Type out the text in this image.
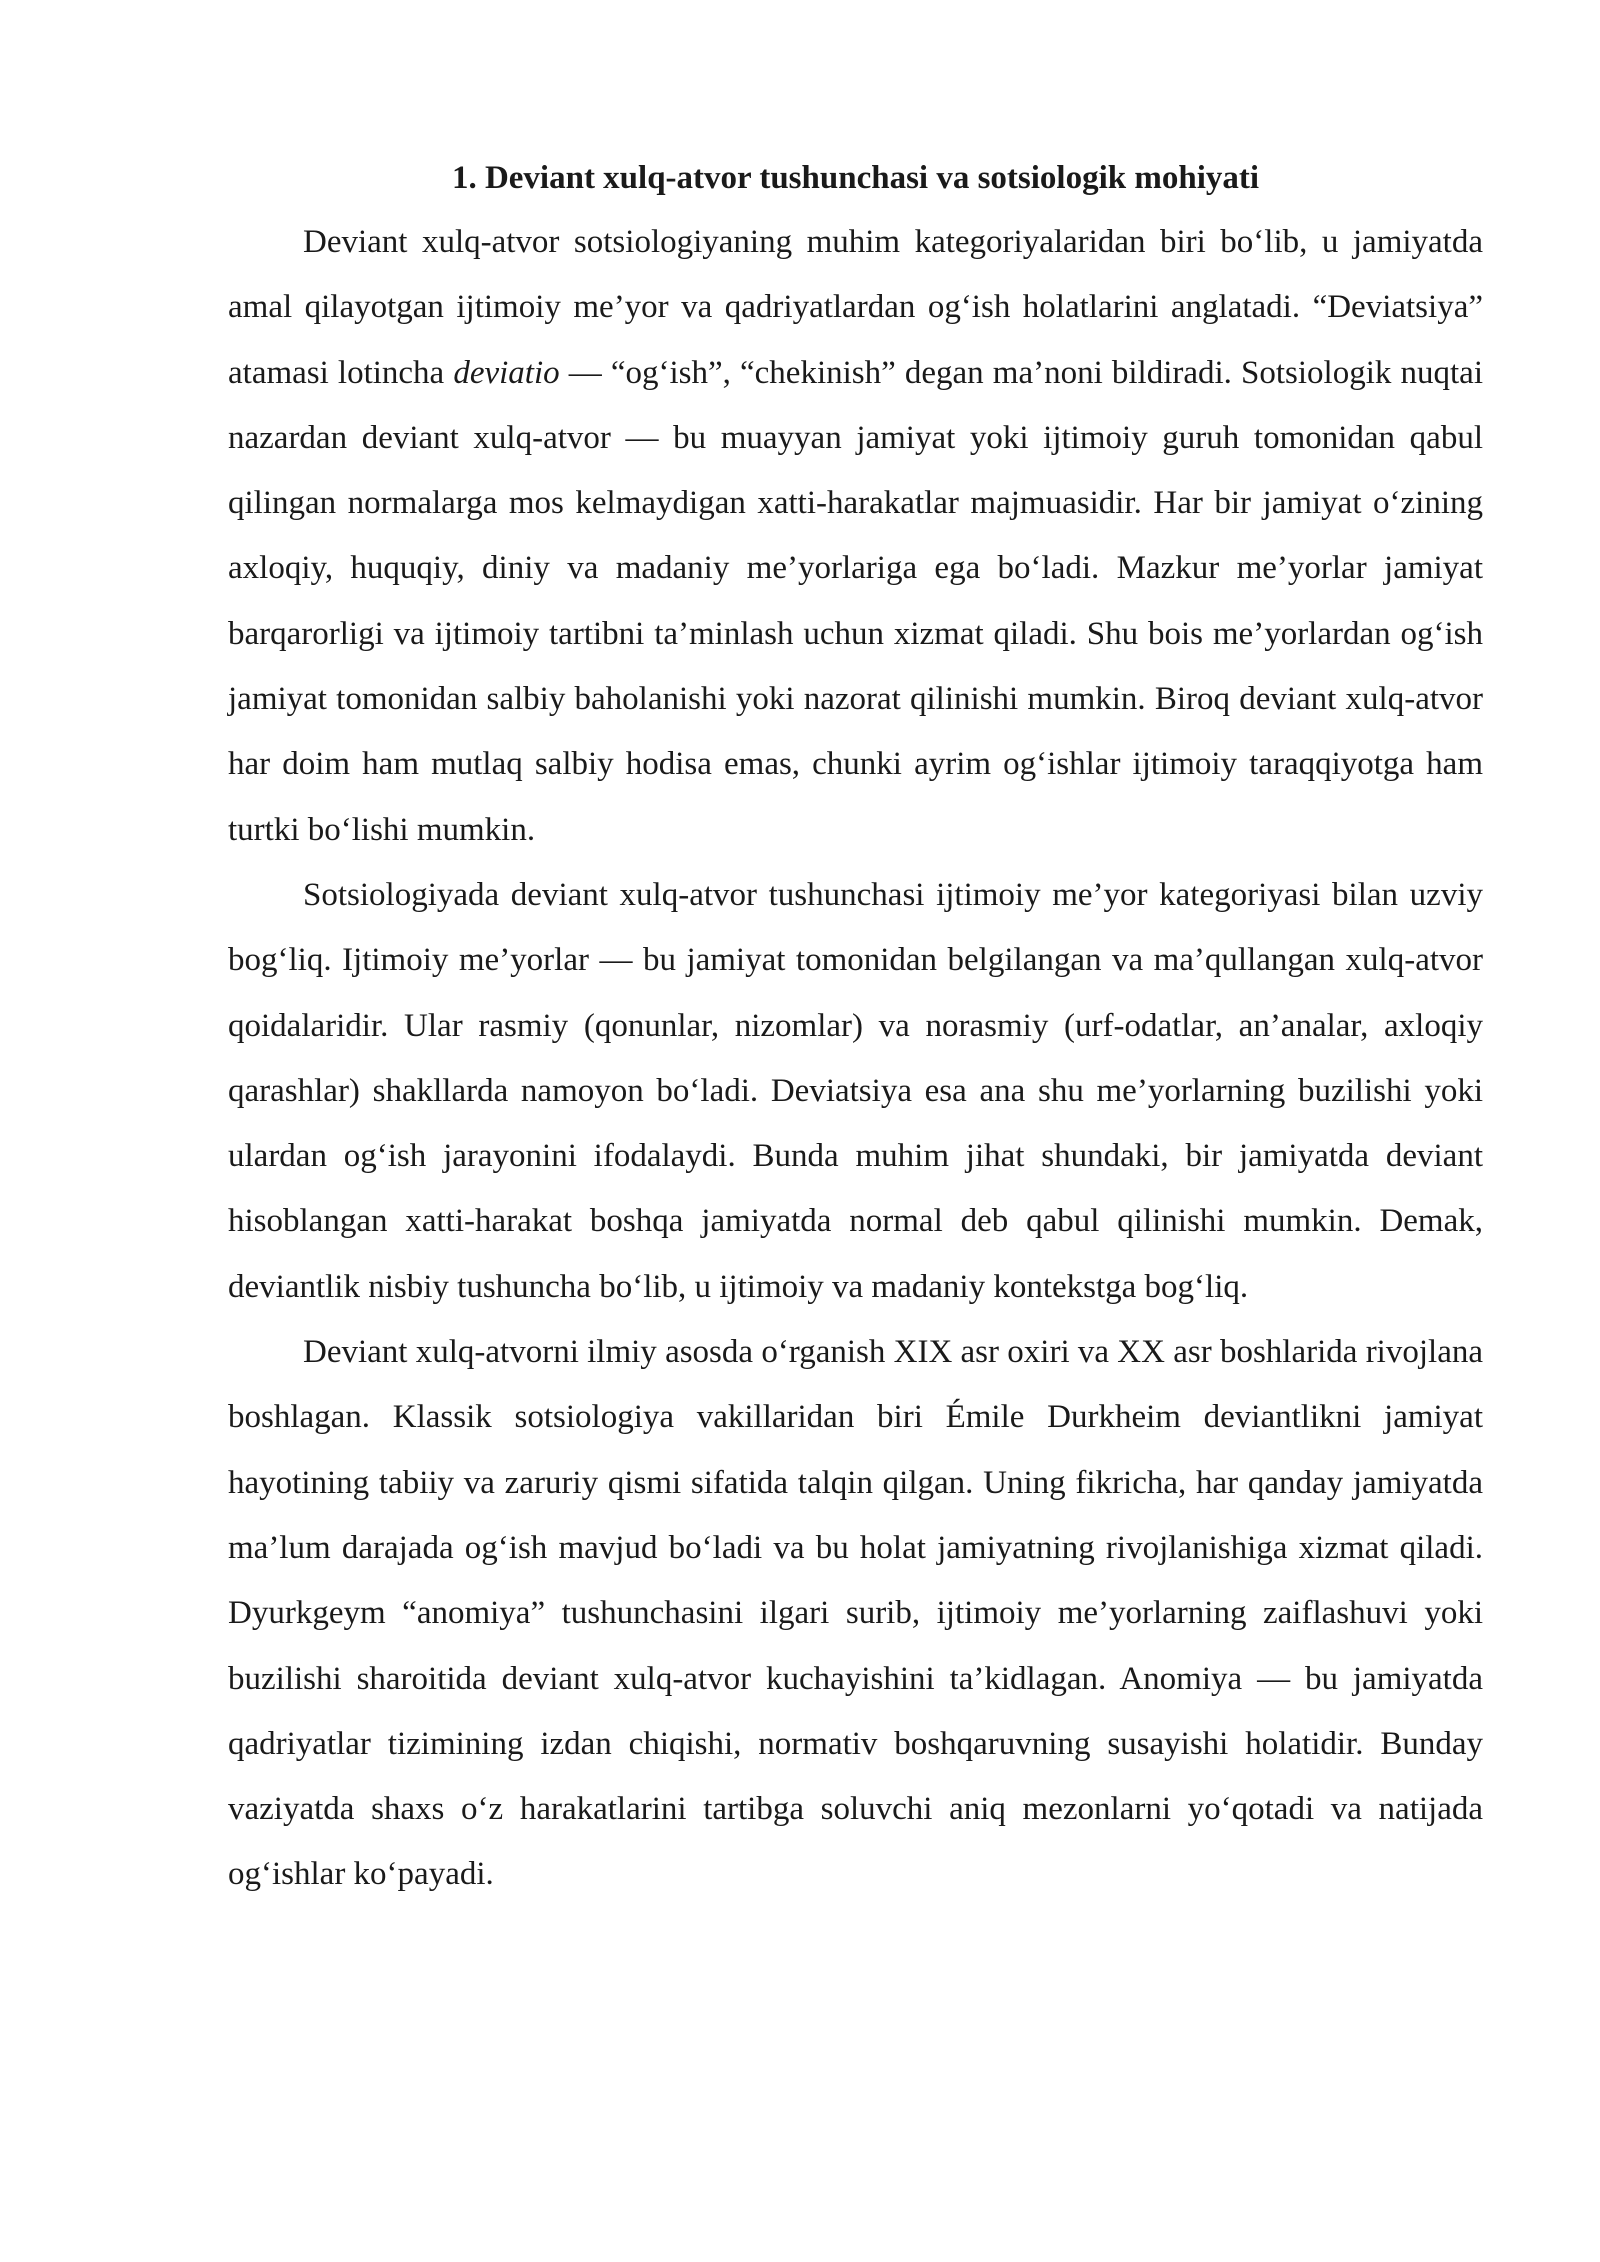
1. Deviant xulq-atvor tushunchasi va sotsiologik mohiyati

Deviant xulq-atvor sotsiologiyaning muhim kategoriyalaridan biri bo‘lib, u jamiyatda amal qilayotgan ijtimoiy me’yor va qadriyatlardan og‘ish holatlarini anglatadi. “Deviatsiya” atamasi lotincha deviatio — “og‘ish”, “chekinish” degan ma’noni bildiradi. Sotsiologik nuqtai nazardan deviant xulq-atvor — bu muayyan jamiyat yoki ijtimoiy guruh tomonidan qabul qilingan normalarga mos kelmaydigan xatti-harakatlar majmuasidir. Har bir jamiyat o‘zining axloqiy, huquqiy, diniy va madaniy me’yorlariga ega bo‘ladi. Mazkur me’yorlar jamiyat barqarorligi va ijtimoiy tartibni ta’minlash uchun xizmat qiladi. Shu bois me’yorlardan og‘ish jamiyat tomonidan salbiy baholanishi yoki nazorat qilinishi mumkin. Biroq deviant xulq-atvor har doim ham mutlaq salbiy hodisa emas, chunki ayrim og‘ishlar ijtimoiy taraqqiyotga ham turtki bo‘lishi mumkin.

Sotsiologiyada deviant xulq-atvor tushunchasi ijtimoiy me’yor kategoriyasi bilan uzviy bog‘liq. Ijtimoiy me’yorlar — bu jamiyat tomonidan belgilangan va ma’qullangan xulq-atvor qoidalaridir. Ular rasmiy (qonunlar, nizomlar) va norasmiy (urf-odatlar, an’analar, axloqiy qarashlar) shakllarda namoyon bo‘ladi. Deviatsiya esa ana shu me’yorlarning buzilishi yoki ulardan og‘ish jarayonini ifodalaydi. Bunda muhim jihat shundaki, bir jamiyatda deviant hisoblangan xatti-harakat boshqa jamiyatda normal deb qabul qilinishi mumkin. Demak, deviantlik nisbiy tushuncha bo‘lib, u ijtimoiy va madaniy kontekstga bog‘liq.

Deviant xulq-atvorni ilmiy asosda o‘rganish XIX asr oxiri va XX asr boshlarida rivojlana boshlagan. Klassik sotsiologiya vakillaridan biri Émile Durkheim deviantlikni jamiyat hayotining tabiiy va zaruriy qismi sifatida talqin qilgan. Uning fikricha, har qanday jamiyatda ma’lum darajada og‘ish mavjud bo‘ladi va bu holat jamiyatning rivojlanishiga xizmat qiladi. Dyurkgeym “anomiya” tushunchasini ilgari surib, ijtimoiy me’yorlarning zaiflashuvi yoki buzilishi sharoitida deviant xulq-atvor kuchayishini ta’kidlagan. Anomiya — bu jamiyatda qadriyatlar tizimining izdan chiqishi, normativ boshqaruvning susayishi holatidir. Bunday vaziyatda shaxs o‘z harakatlarini tartibga soluvchi aniq mezonlarni yo‘qotadi va natijada og‘ishlar ko‘payadi.
